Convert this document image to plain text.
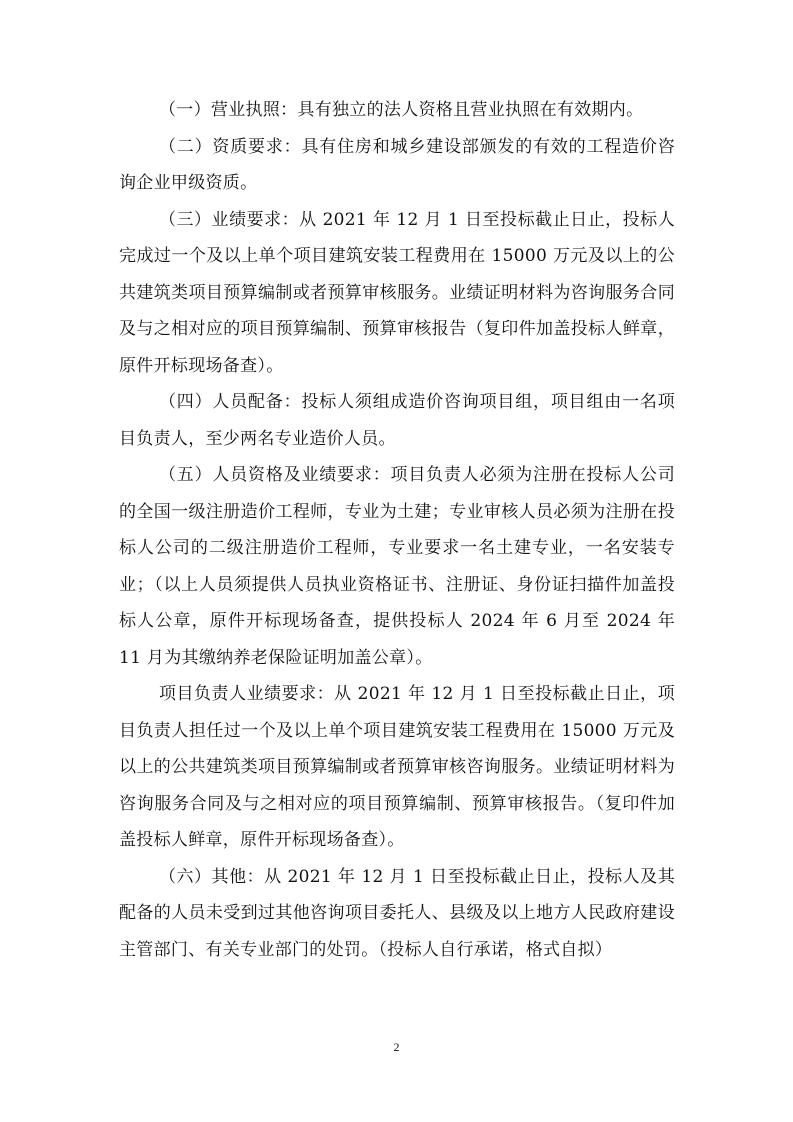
（一）营业执照：具有独立的法人资格且营业执照在有效期内。

（二）资质要求：具有住房和城乡建设部颁发的有效的工程造价咨询企业甲级资质。

（三）业绩要求：从 2021 年 12 月 1 日至投标截止日止，投标人完成过一个及以上单个项目建筑安装工程费用在 15000 万元及以上的公共建筑类项目预算编制或者预算审核服务。业绩证明材料为咨询服务合同及与之相对应的项目预算编制、预算审核报告（复印件加盖投标人鲜章，原件开标现场备查）。

（四）人员配备：投标人须组成造价咨询项目组，项目组由一名项目负责人，至少两名专业造价人员。

（五）人员资格及业绩要求：项目负责人必须为注册在投标人公司的全国一级注册造价工程师，专业为土建；专业审核人员必须为注册在投标人公司的二级注册造价工程师，专业要求一名土建专业，一名安装专业；（以上人员须提供人员执业资格证书、注册证、身份证扫描件加盖投标人公章，原件开标现场备查，提供投标人 2024 年 6 月至 2024 年 11 月为其缴纳养老保险证明加盖公章）。

项目负责人业绩要求：从 2021 年 12 月 1 日至投标截止日止，项目负责人担任过一个及以上单个项目建筑安装工程费用在 15000 万元及以上的公共建筑类项目预算编制或者预算审核咨询服务。业绩证明材料为咨询服务合同及与之相对应的项目预算编制、预算审核报告。（复印件加盖投标人鲜章，原件开标现场备查）。

（六）其他：从 2021 年 12 月 1 日至投标截止日止，投标人及其配备的人员未受到过其他咨询项目委托人、县级及以上地方人民政府建设主管部门、有关专业部门的处罚。（投标人自行承诺，格式自拟）

2
